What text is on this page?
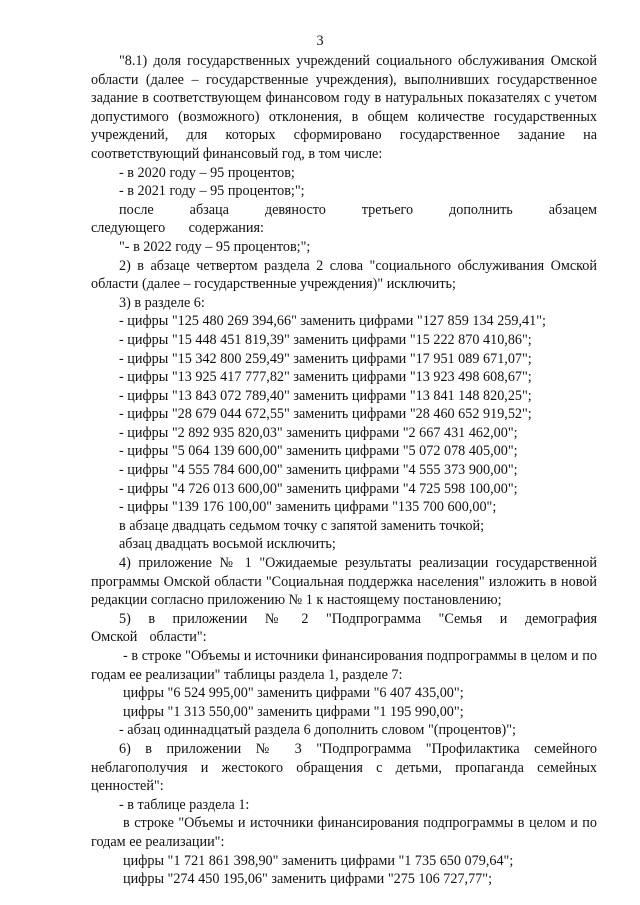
3

"8.1) доля государственных учреждений социального обслуживания Омской области (далее – государственные учреждения), выполнивших государственное задание в соответствующем финансовом году в натуральных показателях с учетом допустимого (возможного) отклонения, в общем количестве государственных учреждений, для которых сформировано государственное задание на соответствующий финансовый год, в том числе:

- в 2020 году – 95 процентов;

- в 2021 году – 95 процентов;";

после абзаца девяносто третьего дополнить абзацем следующего содержания:

"- в 2022 году – 95 процентов;";

2) в абзаце четвертом раздела 2 слова "социального обслуживания Омской области (далее – государственные учреждения)" исключить;

3) в разделе 6:

- цифры "125 480 269 394,66" заменить цифрами "127 859 134 259,41";

- цифры "15 448 451 819,39" заменить цифрами "15 222 870 410,86";

- цифры "15 342 800 259,49" заменить цифрами "17 951 089 671,07";

- цифры "13 925 417 777,82" заменить цифрами "13 923 498 608,67";

- цифры "13 843 072 789,40" заменить цифрами "13 841 148 820,25";

- цифры "28 679 044 672,55" заменить цифрами "28 460 652 919,52";

- цифры "2 892 935 820,03" заменить цифрами "2 667 431 462,00";

- цифры "5 064 139 600,00" заменить цифрами "5 072 078 405,00";

- цифры "4 555 784 600,00" заменить цифрами "4 555 373 900,00";

- цифры "4 726 013 600,00" заменить цифрами "4 725 598 100,00";

- цифры "139 176 100,00" заменить цифрами "135 700 600,00";

в абзаце двадцать седьмом точку с запятой заменить точкой;

абзац двадцать восьмой исключить;

4) приложение № 1 "Ожидаемые результаты реализации государственной программы Омской области "Социальная поддержка населения" изложить в новой редакции согласно приложению № 1 к настоящему постановлению;

5) в приложении № 2 "Подпрограмма "Семья и демография Омской области":

- в строке "Объемы и источники финансирования подпрограммы в целом и по годам ее реализации" таблицы раздела 1, разделе 7:

цифры "6 524 995,00" заменить цифрами "6 407 435,00";

цифры "1 313 550,00" заменить цифрами "1 195 990,00";

- абзац одиннадцатый раздела 6 дополнить словом "(процентов)";

6) в приложении № 3 "Подпрограмма "Профилактика семейного неблагополучия и жестокого обращения с детьми, пропаганда семейных ценностей":

- в таблице раздела 1:

в строке "Объемы и источники финансирования подпрограммы в целом и по годам ее реализации":

цифры "1 721 861 398,90" заменить цифрами "1 735 650 079,64";

цифры "274 450 195,06" заменить цифрами "275 106 727,77";
